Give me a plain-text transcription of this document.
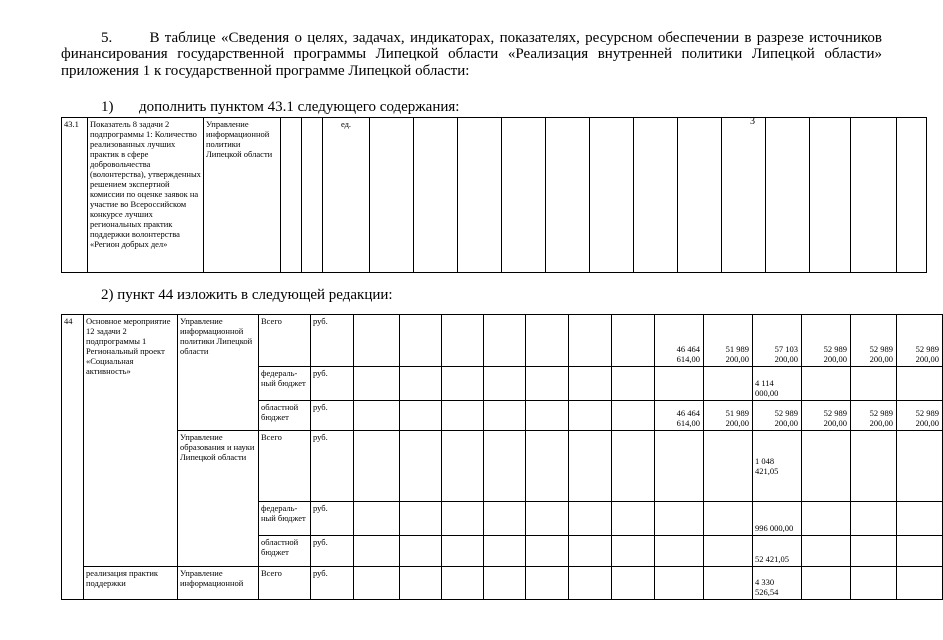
5.       В таблице «Сведения о целях, задачах, индикаторах, показателях, ресурсном обеспечении в разрезе источников
финансирования государственной программы Липецкой области «Реализация внутренней политики Липецкой области»
приложения 1 к государственной программе Липецкой области:
1) дополнить пунктом 43.1 следующего содержания:
43.1	Показатель 8 задачи 2 подпрограммы 1: Количество реализованных лучших практик в сфере добровольчества (волонтерства), утвержденных решением экспертной комиссии по оценке заявок на участие во Всероссийском конкурсе лучших региональных практик поддержки волонтерства «Регион добрых дел»	Управление информационной политики Липецкой области			ед.														3
2) пункт 44 изложить в следующей редакции:
44	Основное мероприятие 12 задачи 2 подпрограммы 1 Региональный проект «Социальная активность»	Управление информационной политики Липецкой области	Всего	руб.								46 464 614,00	51 989 200,00	57 103 200,00	52 989 200,00	52 989 200,00	52 989 200,00
			федераль-ный бюджет	руб.										4 114 000,00			
			областной бюджет	руб.								46 464 614,00	51 989 200,00	52 989 200,00	52 989 200,00	52 989 200,00	52 989 200,00
		Управление образования и науки Липецкой области	Всего	руб.										1 048 421,05			
			федераль-ный бюджет	руб.										996 000,00			
			областной бюджет	руб.										52 421,05			
	реализация практик поддержки	Управление информационной	Всего	руб.										4 330 526,54			
